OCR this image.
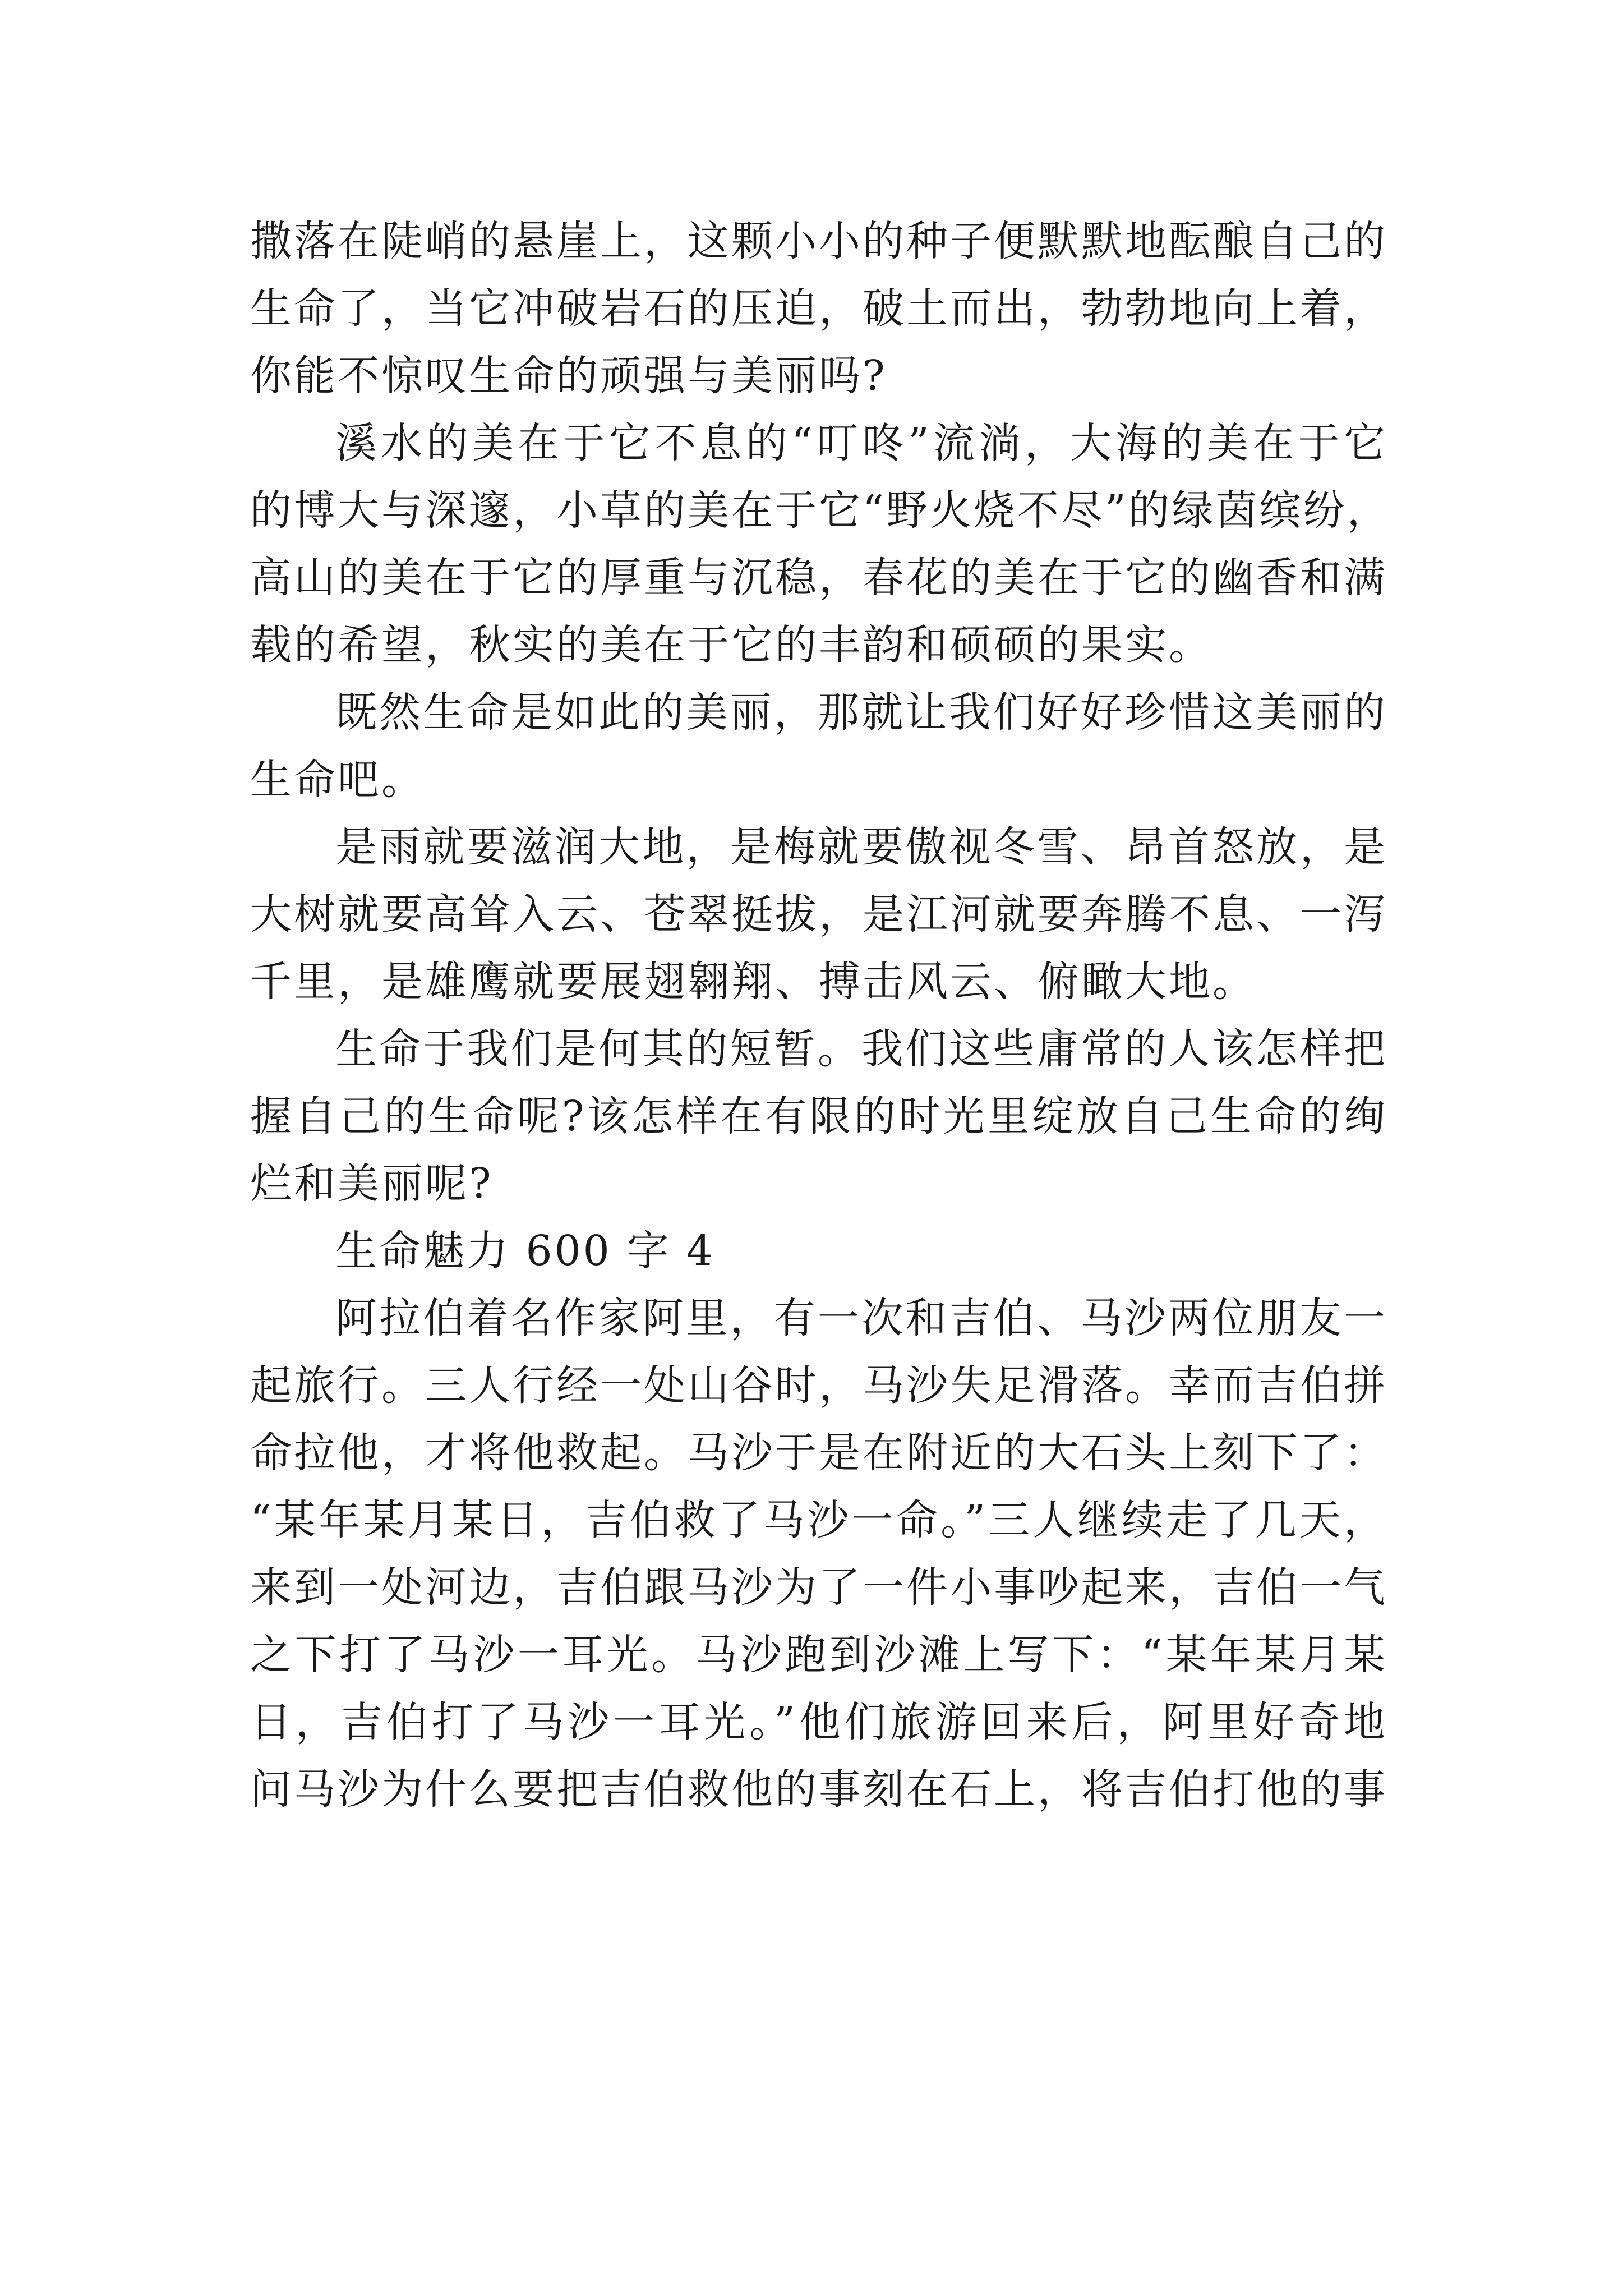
撒落在陡峭的悬崖上，这颗小小的种子便默默地酝酿自己的
生命了，当它冲破岩石的压迫，破土而出，勃勃地向上着，
你能不惊叹生命的顽强与美丽吗?
溪水的美在于它不息的“叮咚”流淌，大海的美在于它
的博大与深邃，小草的美在于它“野火烧不尽”的绿茵缤纷，
高山的美在于它的厚重与沉稳，春花的美在于它的幽香和满
载的希望，秋实的美在于它的丰韵和硕硕的果实。
既然生命是如此的美丽，那就让我们好好珍惜这美丽的
生命吧。
是雨就要滋润大地，是梅就要傲视冬雪、昂首怒放，是
大树就要高耸入云、苍翠挺拔，是江河就要奔腾不息、一泻
千里，是雄鹰就要展翅翱翔、搏击风云、俯瞰大地。
生命于我们是何其的短暂。我们这些庸常的人该怎样把
握自己的生命呢?该怎样在有限的时光里绽放自己生命的绚
烂和美丽呢?
生命魅力 600 字 4
阿拉伯着名作家阿里，有一次和吉伯、马沙两位朋友一
起旅行。三人行经一处山谷时，马沙失足滑落。幸而吉伯拼
命拉他，才将他救起。马沙于是在附近的大石头上刻下了：
“某年某月某日，吉伯救了马沙一命。”三人继续走了几天，
来到一处河边，吉伯跟马沙为了一件小事吵起来，吉伯一气
之下打了马沙一耳光。马沙跑到沙滩上写下：“某年某月某
日，吉伯打了马沙一耳光。”他们旅游回来后，阿里好奇地
问马沙为什么要把吉伯救他的事刻在石上，将吉伯打他的事
